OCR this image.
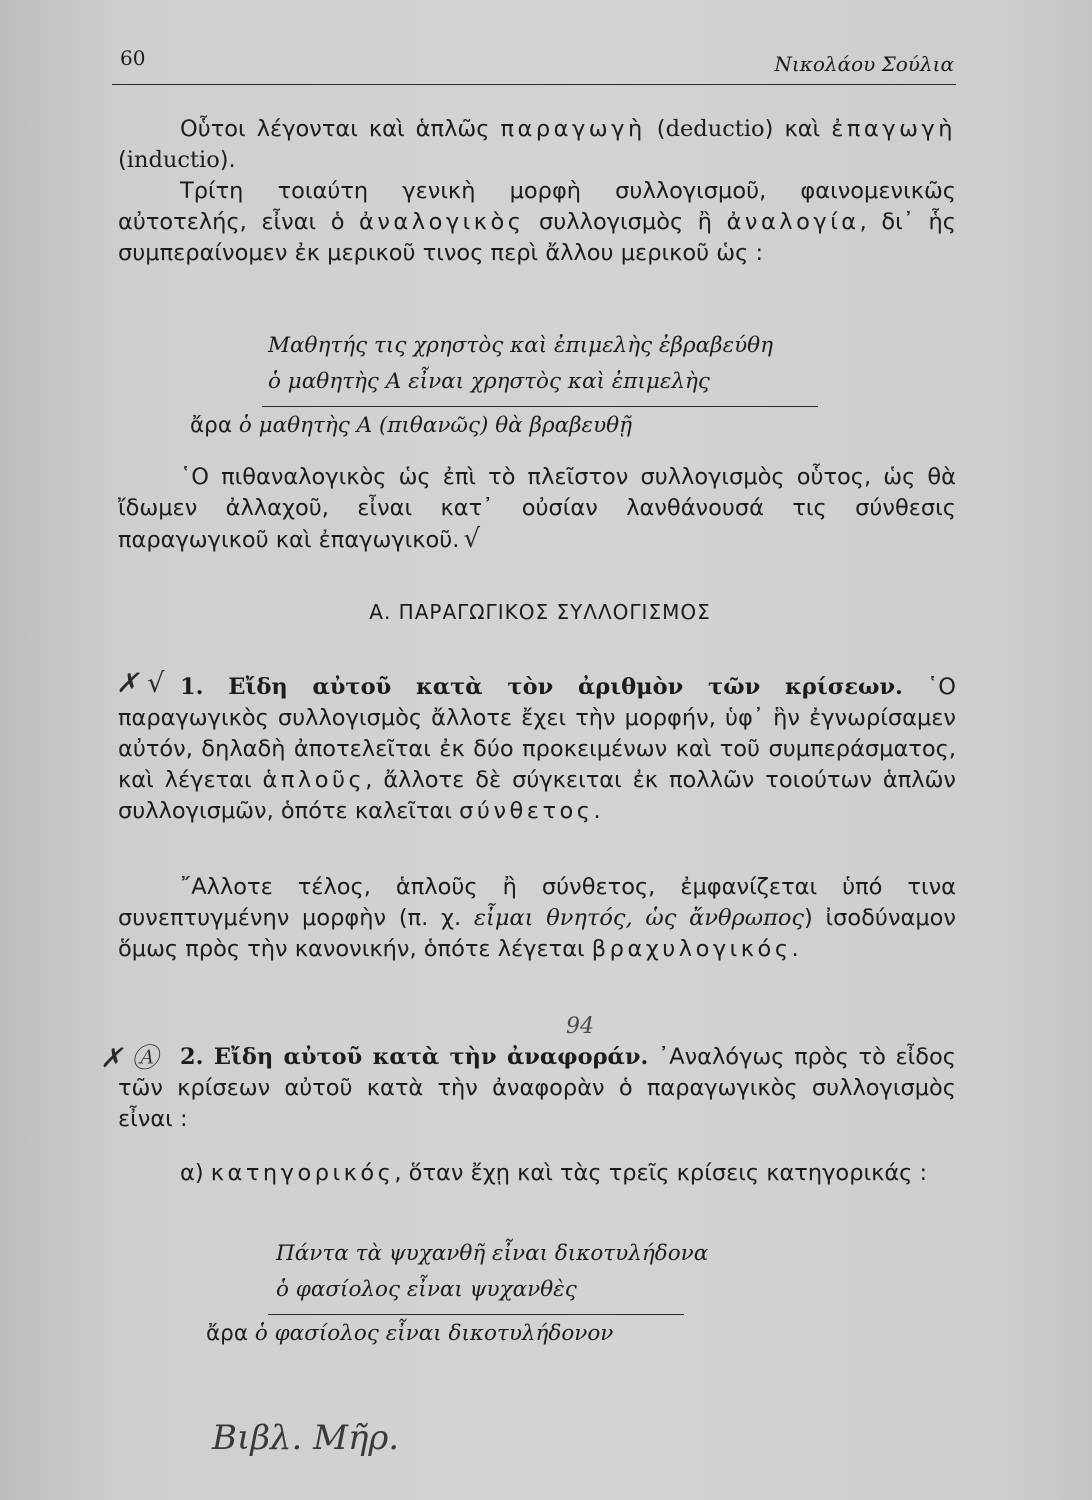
60	Νικολάου Σούλια
Οὗτοι λέγονται καὶ ἁπλῶς παραγωγὴ (deductio) καὶ ἐπαγωγὴ (inductio).
Τρίτη τοιαύτη γενικὴ μορφὴ συλλογισμοῦ, φαινομενικῶς αὐτοτελής, εἶναι ὁ ἀναλογικὸς συλλογισμὸς ἢ ἀναλογία, δι᾿ ἧς συμπεραίνομεν ἐκ μερικοῦ τινος περὶ ἄλλου μερικοῦ ὡς :
Μαθητής τις χρηστὸς καὶ ἐπιμελὴς ἐβραβεύθη
ὁ μαθητὴς Α εἶναι χρηστὸς καὶ ἐπιμελὴς
ἄρα ὁ μαθητὴς Α (πιθανῶς) θὰ βραβευθῇ
῾Ο πιθαναλογικὸς ὡς ἐπὶ τὸ πλεῖστον συλλογισμὸς οὗτος, ὡς θὰ ἴδωμεν ἀλλαχοῦ, εἶναι κατ᾿ οὐσίαν λανθάνουσά τις σύνθεσις παραγωγικοῦ καὶ ἐπαγωγικοῦ. √
Α. ΠΑΡΑΓΩΓΙΚΟΣ ΣΥΛΛΟΓΙΣΜΟΣ
1. Εἴδη αὐτοῦ κατὰ τὸν ἀριθμὸν τῶν κρίσεων. ῾Ο παραγωγικὸς συλλογισμὸς ἄλλοτε ἔχει τὴν μορφήν, ὑφ᾿ ἣν ἐγνωρίσαμεν αὐτόν, δηλαδὴ ἀποτελεῖται ἐκ δύο προκειμένων καὶ τοῦ συμπεράσματος, καὶ λέγεται ἁπλοῦς, ἄλλοτε δὲ σύγκειται ἐκ πολλῶν τοιούτων ἁπλῶν συλλογισμῶν, ὁπότε καλεῖται σύνθετος.
῎Αλλοτε τέλος, ἁπλοῦς ἢ σύνθετος, ἐμφανίζεται ὑπό τινα συνεπτυγμένην μορφὴν (π. χ. εἶμαι θνητός, ὡς ἄνθρωπος) ἰσοδύναμον ὅμως πρὸς τὴν κανονικήν, ὁπότε λέγεται βραχυλογικός.
2. Εἴδη αὐτοῦ κατὰ τὴν ἀναφοράν. ᾿Αναλόγως πρὸς τὸ εἶδος τῶν κρίσεων αὐτοῦ κατὰ τὴν ἀναφορὰν ὁ παραγωγικὸς συλλογισμὸς εἶναι :
α) κατηγορικός, ὅταν ἔχῃ καὶ τὰς τρεῖς κρίσεις κατηγορικάς :
Πάντα τὰ ψυχανθῆ εἶναι δικοτυλήδονα
ὁ φασίολος εἶναι ψυχανθὲς
ἄρα ὁ φασίολος εἶναι δικοτυλήδονον
✗ √
✗ Ⓐ
94
Βιβλ. Μῆρ.
